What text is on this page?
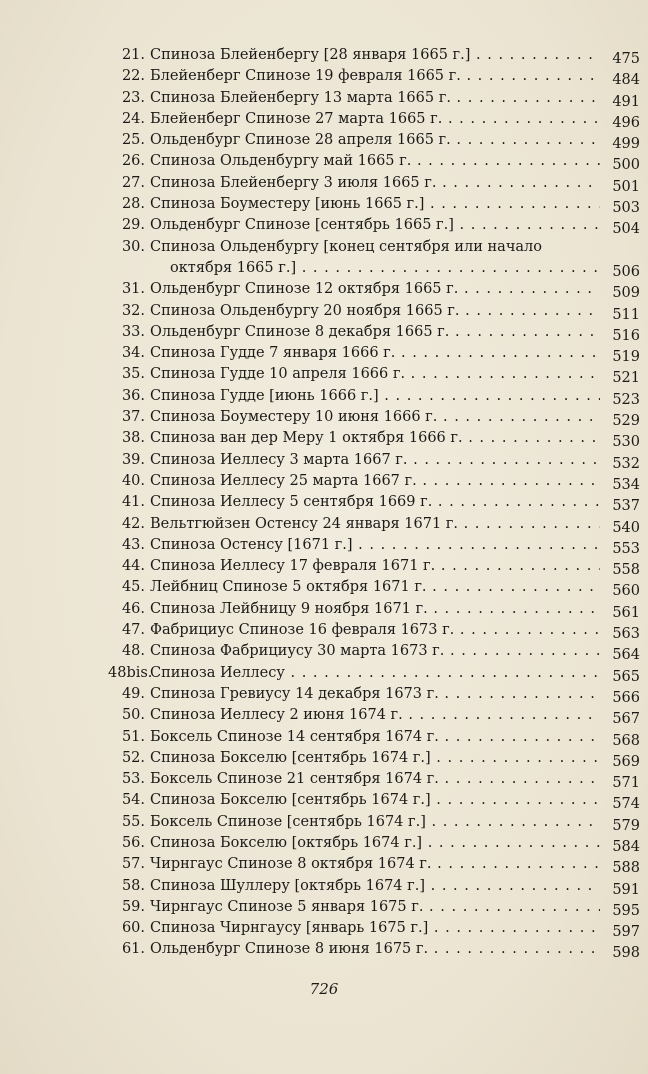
21. Спиноза Блейенбергу [28 января 1665 г.] . . .	475
22. Блейенберг Спинозе 19 февраля 1665 г. . . .	484
23. Спиноза Блейенбергу 13 марта 1665 г. . . .	491
24. Блейенберг Спинозе 27 марта 1665 г. . . .	496
25. Ольденбург Спинозе 28 апреля 1665 г. . . .	499
26. Спиноза Ольденбургу май 1665 г. . . .	500
27. Спиноза Блейенбергу 3 июля 1665 г. . . .	501
28. Спиноза Боуместеру [июнь 1665 г.] . . .	503
29. Ольденбург Спинозе [сентябрь 1665 г.] . . .	504
30. Спиноза Ольденбургу [конец сентября или начало
октября 1665 г.] . . .	506
31. Ольденбург Спинозе 12 октября 1665 г. . . .	509
32. Спиноза Ольденбургу 20 ноября 1665 г. . . .	511
33. Ольденбург Спинозе 8 декабря 1665 г. . . .	516
34. Спиноза Гудде 7 января 1666 г. . . .	519
35. Спиноза Гудде 10 апреля 1666 г. . . .	521
36. Спиноза Гудде [июнь 1666 г.] . . .	523
37. Спиноза Боуместеру 10 июня 1666 г. . . .	529
38. Спиноза ван дер Меру 1 октября 1666 г. . . .	530
39. Спиноза Иеллесу 3 марта 1667 г. . . .	532
40. Спиноза Иеллесу 25 марта 1667 г. . . .	534
41. Спиноза Иеллесу 5 сентября 1669 г. . . .	537
42. Вельтгюйзен Остенсу 24 января 1671 г. . . .	540
43. Спиноза Остенсу [1671 г.] . . .	553
44. Спиноза Иеллесу 17 февраля 1671 г. . . .	558
45. Лейбниц Спинозе 5 октября 1671 г. . . .	560
46. Спиноза Лейбницу 9 ноября 1671 г. . . .	561
47. Фабрициус Спинозе 16 февраля 1673 г. . . .	563
48. Спиноза Фабрициусу 30 марта 1673 г. . . .	564
48bis.
Спиноза Иеллесу . . .	565
49. Спиноза Гревиусу 14 декабря 1673 г. . . .	566
50. Спиноза Иеллесу 2 июня 1674 г. . . .	567
51. Боксель Спинозе 14 сентября 1674 г. . . .	568
52. Спиноза Бокселю [сентябрь 1674 г.] . . .	569
53. Боксель Спинозе 21 сентября 1674 г. . . .	571
54. Спиноза Бокселю [сентябрь 1674 г.] . . .	574
55. Боксель Спинозе [сентябрь 1674 г.] . . .	579
56. Спиноза Бокселю [октябрь 1674 г.] . . .	584
57. Чирнгаус Спинозе 8 октября 1674 г. . . .	588
58. Спиноза Шуллеру [октябрь 1674 г.] . . .	591
59. Чирнгаус Спинозе 5 января 1675 г. . . .	595
60. Спиноза Чирнгаусу [январь 1675 г.] . . .	597
61. Ольденбург Спинозе 8 июня 1675 г. . . .	598
726
